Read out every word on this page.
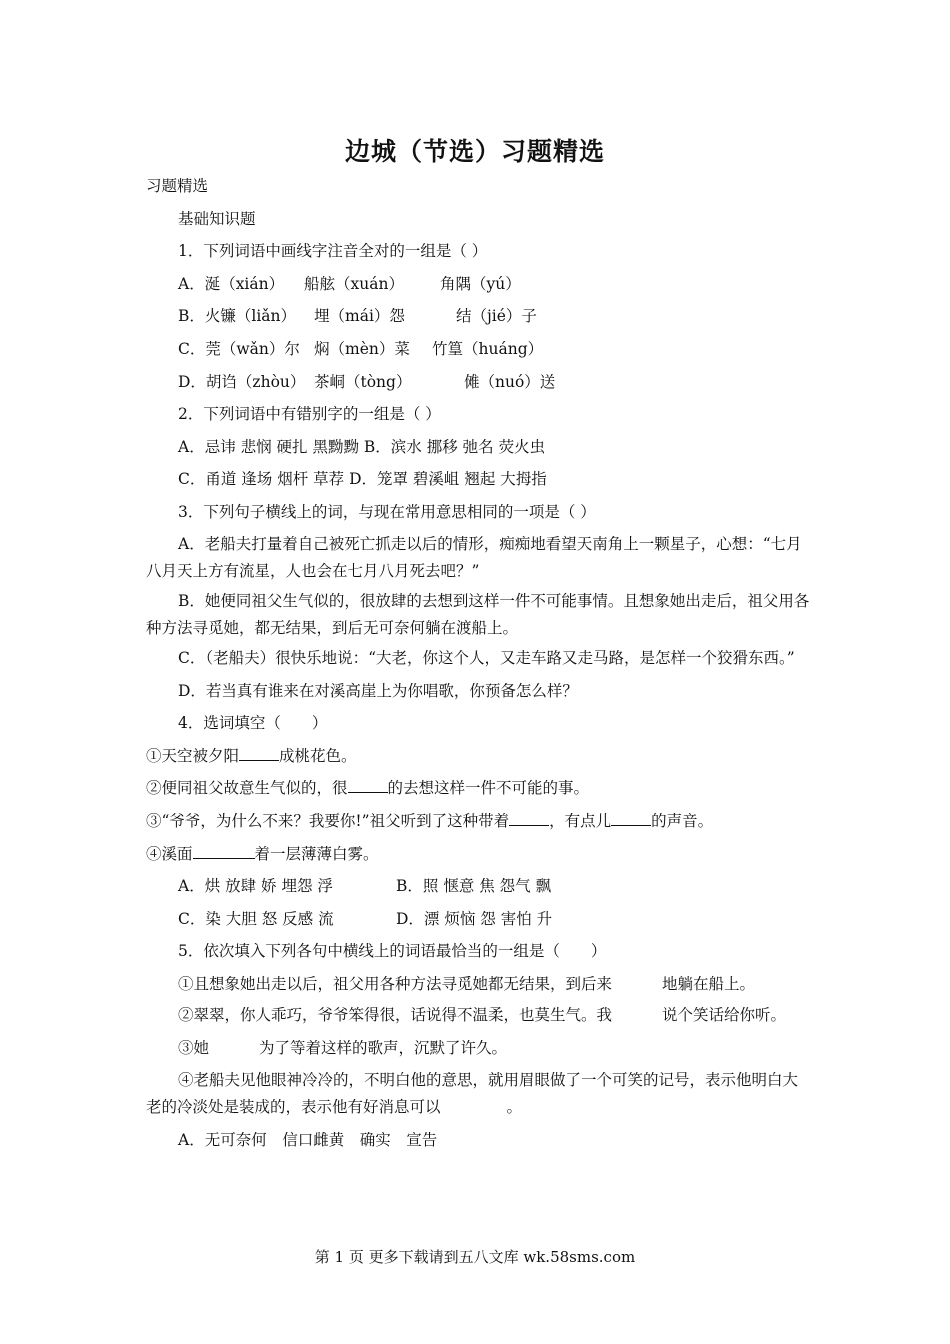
边城（节选）习题精选
习题精选
基础知识题
1．下列词语中画线字注音全对的一组是（ ）
A．涎（xián） 船舷（xuán） 角隅（yú）
B．火镰（liǎn） 埋（mái）怨	结（jié）子
C．莞（wǎn）尔 焖（mèn）菜 竹篁（huáng）
D．胡诌（zhòu） 茶峒（tòng）	傩（nuó）送
2．下列词语中有错别字的一组是（ ）
A．忌讳 悲悯 硬扎 黑黝黝 B．滨水 挪移 弛名 荧火虫
C．甬道 逢场 烟杆 草荐 D．笼罩 碧溪岨 翘起 大拇指
3．下列句子横线上的词，与现在常用意思相同的一项是（ ）
A．老船夫打量着自己被死亡抓走以后的情形，痴痴地看望天南角上一颗星子，心想：“七月八月天上方有流星，人也会在七月八月死去吧？”
B．她便同祖父生气似的，很放肆的去想到这样一件不可能事情。且想象她出走后，祖父用各种方法寻觅她，都无结果，到后无可奈何躺在渡船上。
C．（老船夫）很快乐地说：“大老，你这个人，又走车路又走马路，是怎样一个狡猾东西。”
D．若当真有谁来在对溪高崖上为你唱歌，你预备怎么样？
4．选词填空（　　）
①天空被夕阳	成桃花色。
②便同祖父故意生气似的，很	的去想这样一件不可能的事。
③“爷爷，为什么不来？我要你!”祖父听到了这种带着	，有点儿	的声音。
④溪面	着一层薄薄白雾。
A．烘 放肆 娇 埋怨 浮	B．照 惬意 焦 怨气 飘
C．染 大胆 怒 反感 流	D．漂 烦恼 怨 害怕 升
5．依次填入下列各句中横线上的词语最恰当的一组是（　　）
①且想象她出走以后，祖父用各种方法寻觅她都无结果，到后来	地躺在船上。
②翠翠，你人乖巧，爷爷笨得很，话说得不温柔，也莫生气。我	说个笑话给你听。
③她	为了等着这样的歌声，沉默了许久。
④老船夫见他眼神冷冷的，不明白他的意思，就用眉眼做了一个可笑的记号，表示他明白大老的冷淡处是装成的，表示他有好消息可以	。
A．无可奈何　信口雌黄　确实　宣告
第 1 页 更多下载请到五八文库 wk.58sms.com
